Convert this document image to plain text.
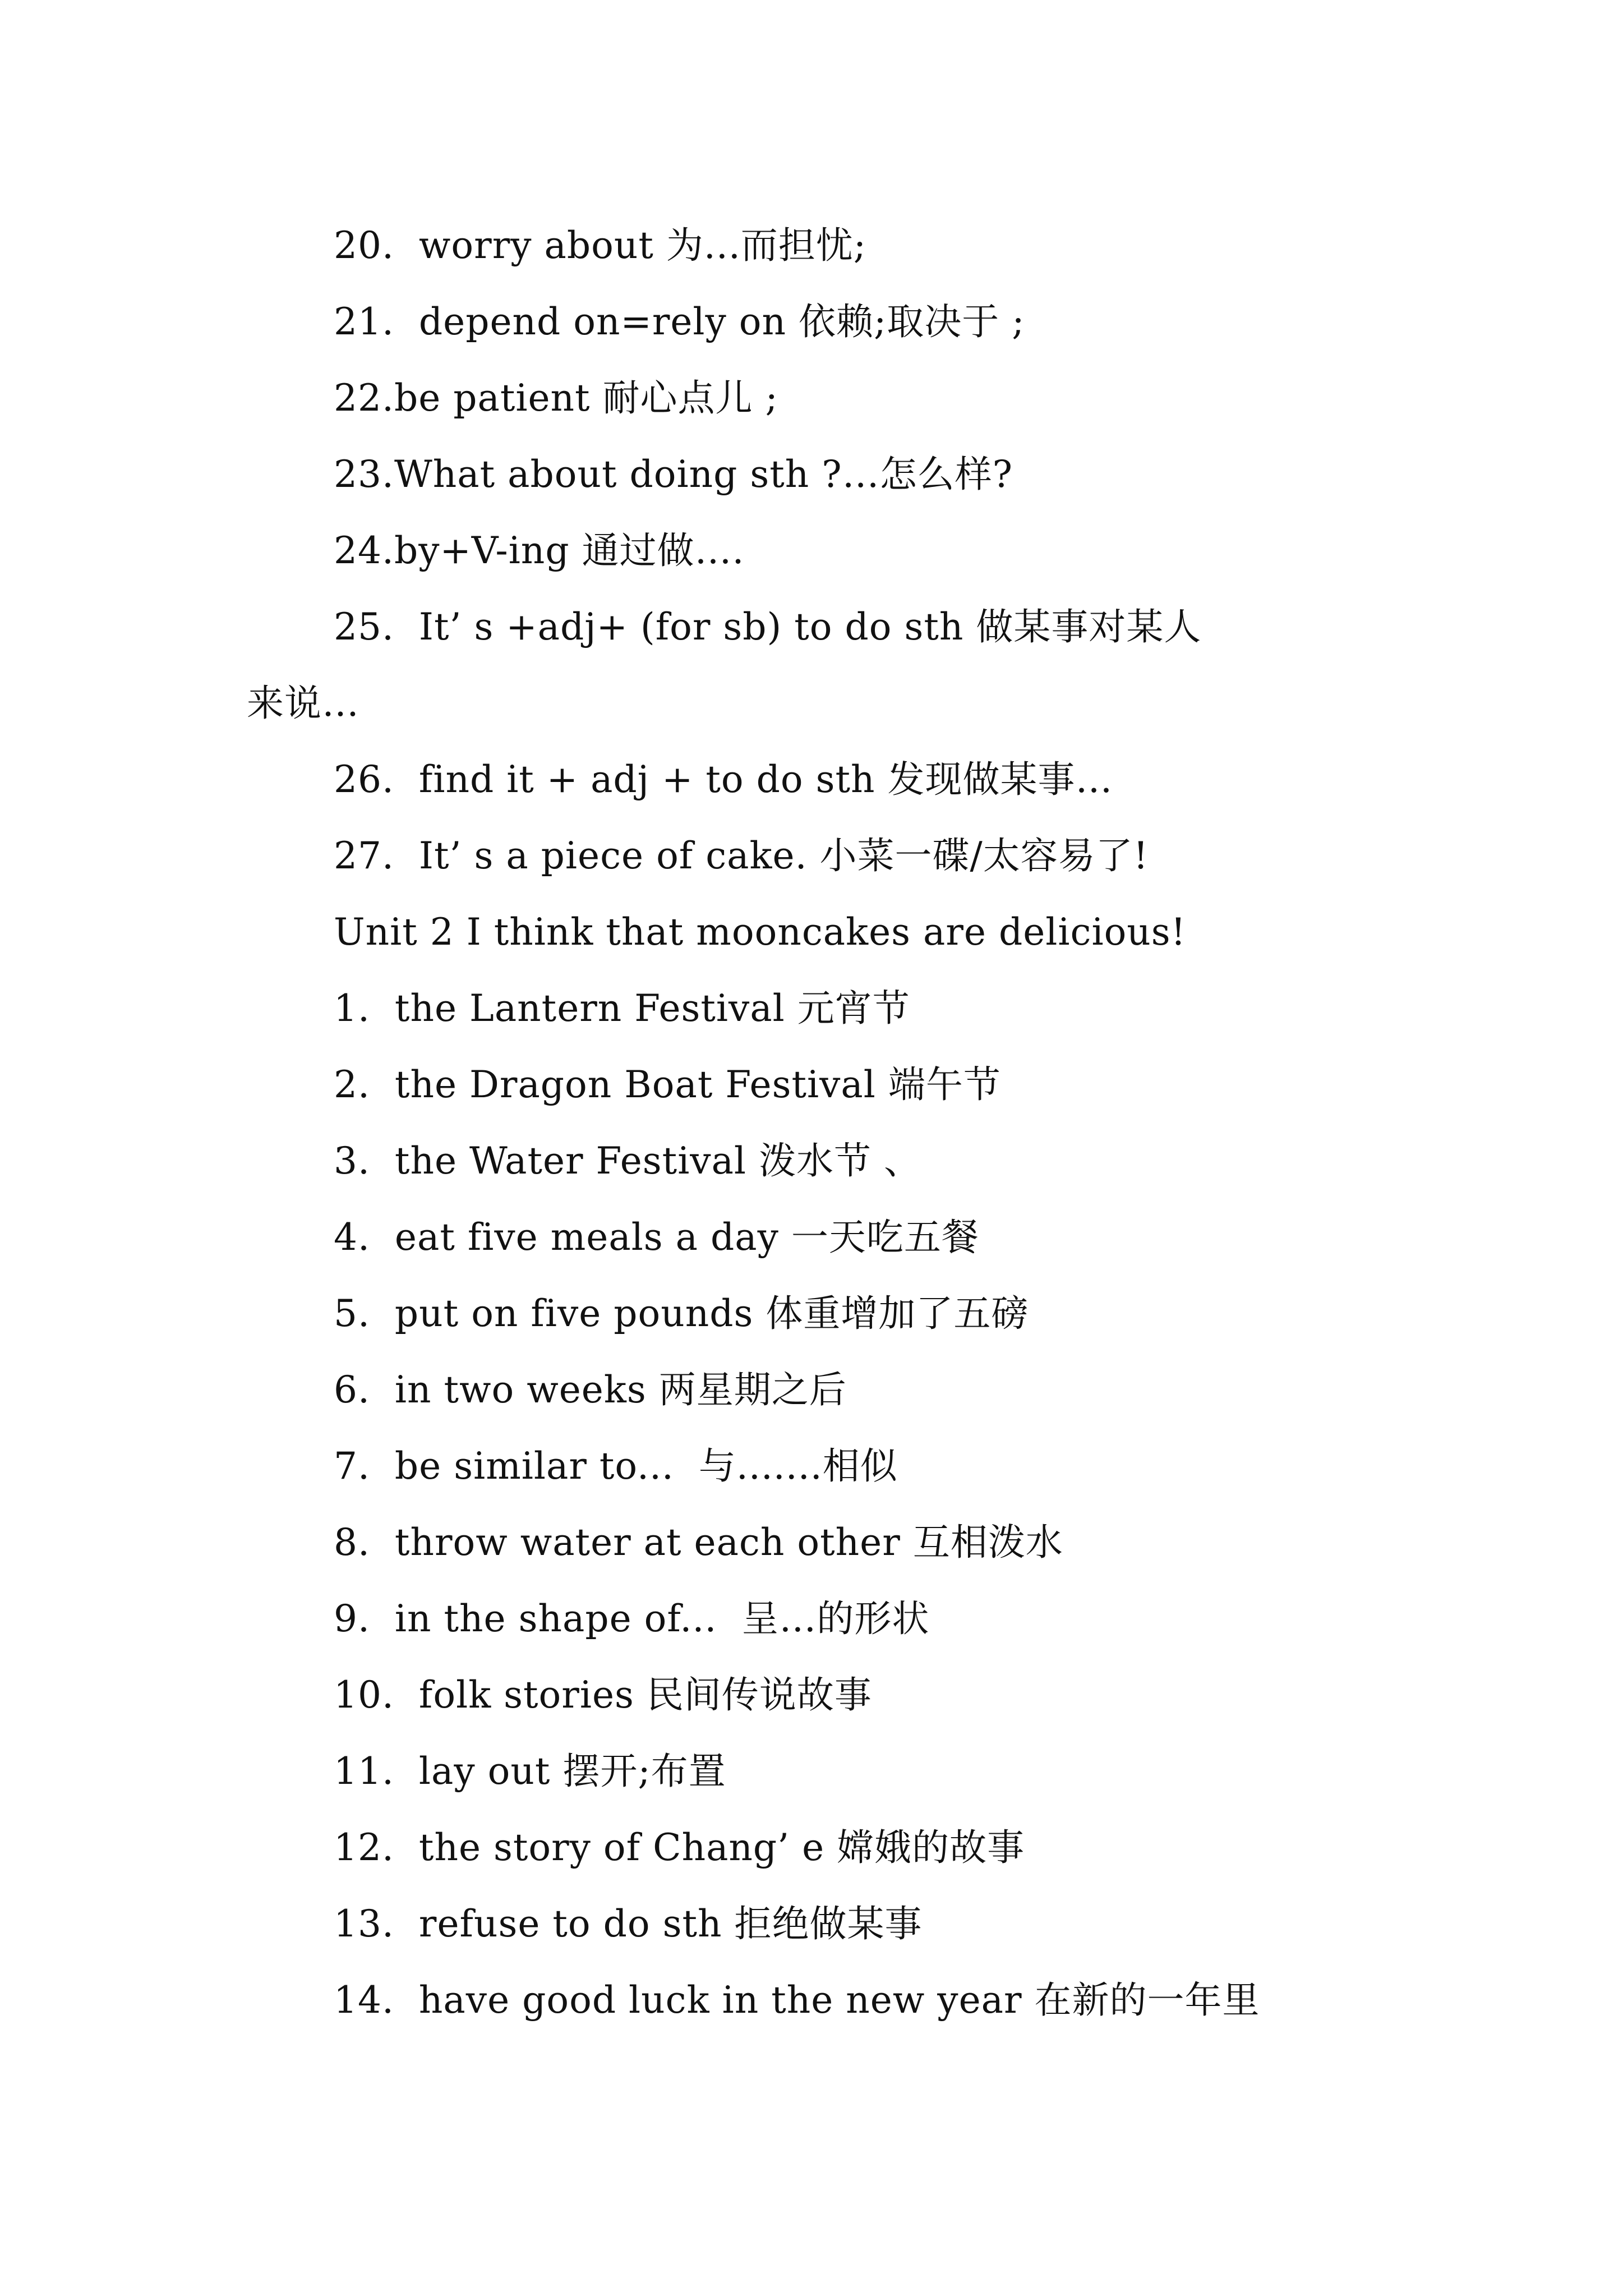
20.  worry about 为...而担忧;
21.  depend on=rely on 依赖;取决于 ;
22.be patient 耐心点儿 ;
23.What about doing sth ?…怎么样?
24.by+V-ing 通过做….
25.  It’ s +adj+ (for sb) to do sth 做某事对某人
来说…
26.  find it + adj + to do sth 发现做某事…
27.  It’ s a piece of cake. 小菜一碟/太容易了!
Unit 2 I think that mooncakes are delicious!
1.  the Lantern Festival 元宵节
2.  the Dragon Boat Festival 端午节
3.  the Water Festival 泼水节 、
4.  eat five meals a day 一天吃五餐
5.  put on five pounds 体重增加了五磅
6.  in two weeks 两星期之后
7.  be similar to...  与.......相似
8.  throw water at each other 互相泼水
9.  in the shape of...  呈…的形状
10.  folk stories 民间传说故事
11.  lay out 摆开;布置
12.  the story of Chang’ e 嫦娥的故事
13.  refuse to do sth 拒绝做某事
14.  have good luck in the new year 在新的一年里
